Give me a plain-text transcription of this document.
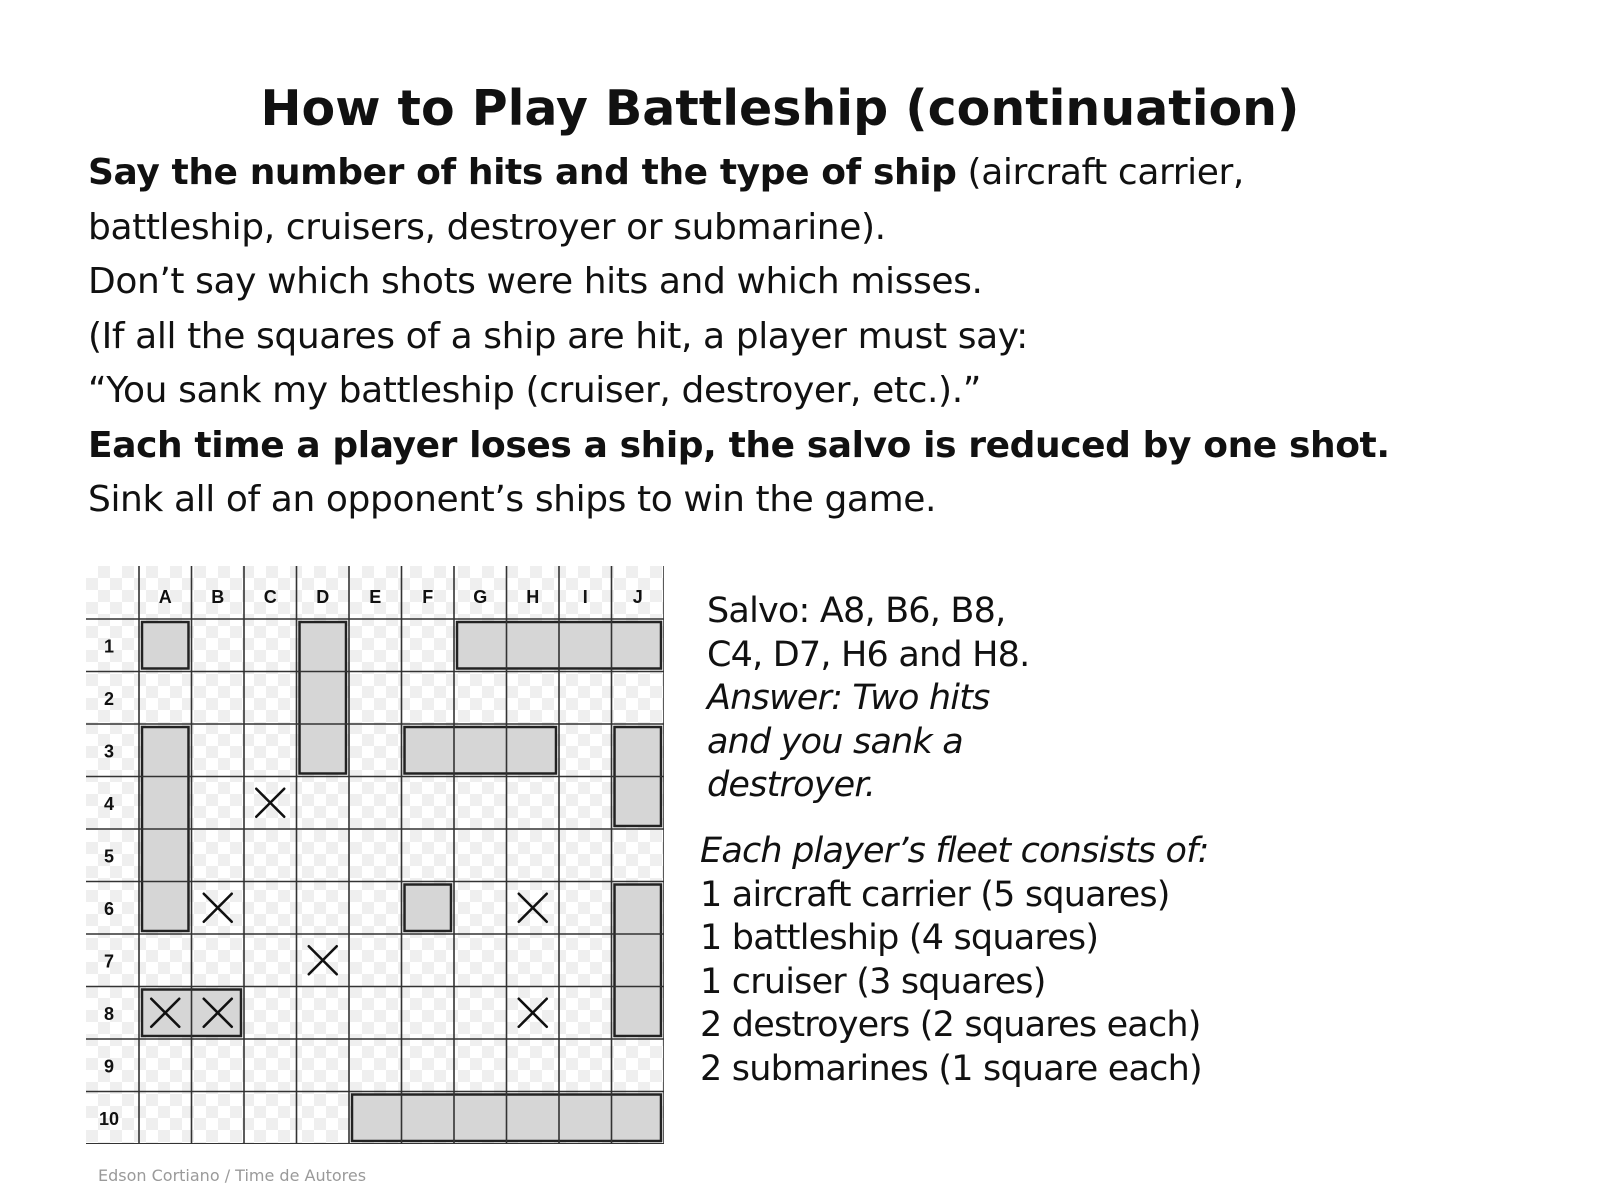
How to Play Battleship (continuation)

Say the number of hits and the type of ship (aircraft carrier,

battleship, cruisers, destroyer or submarine).

Don’t say which shots were hits and which misses.

(If all the squares of a ship are hit, a player must say:

“You sank my battleship (cruiser, destroyer, etc.).”

Each time a player loses a ship, the salvo is reduced by one shot.

Sink all of an opponent’s ships to win the game.

A B C D E F G H I J
1
2
3
4
5
6
7
8
9
10
Salvo: A8, B6, B8,
C4, D7, H6 and H8.
Answer: Two hits
and you sank a
destroyer.
Each player’s fleet consists of:
1 aircraft carrier (5 squares)
1 battleship (4 squares)
1 cruiser (3 squares)
2 destroyers (2 squares each)
2 submarines (1 square each)
Edson Cortiano / Time de Autores
